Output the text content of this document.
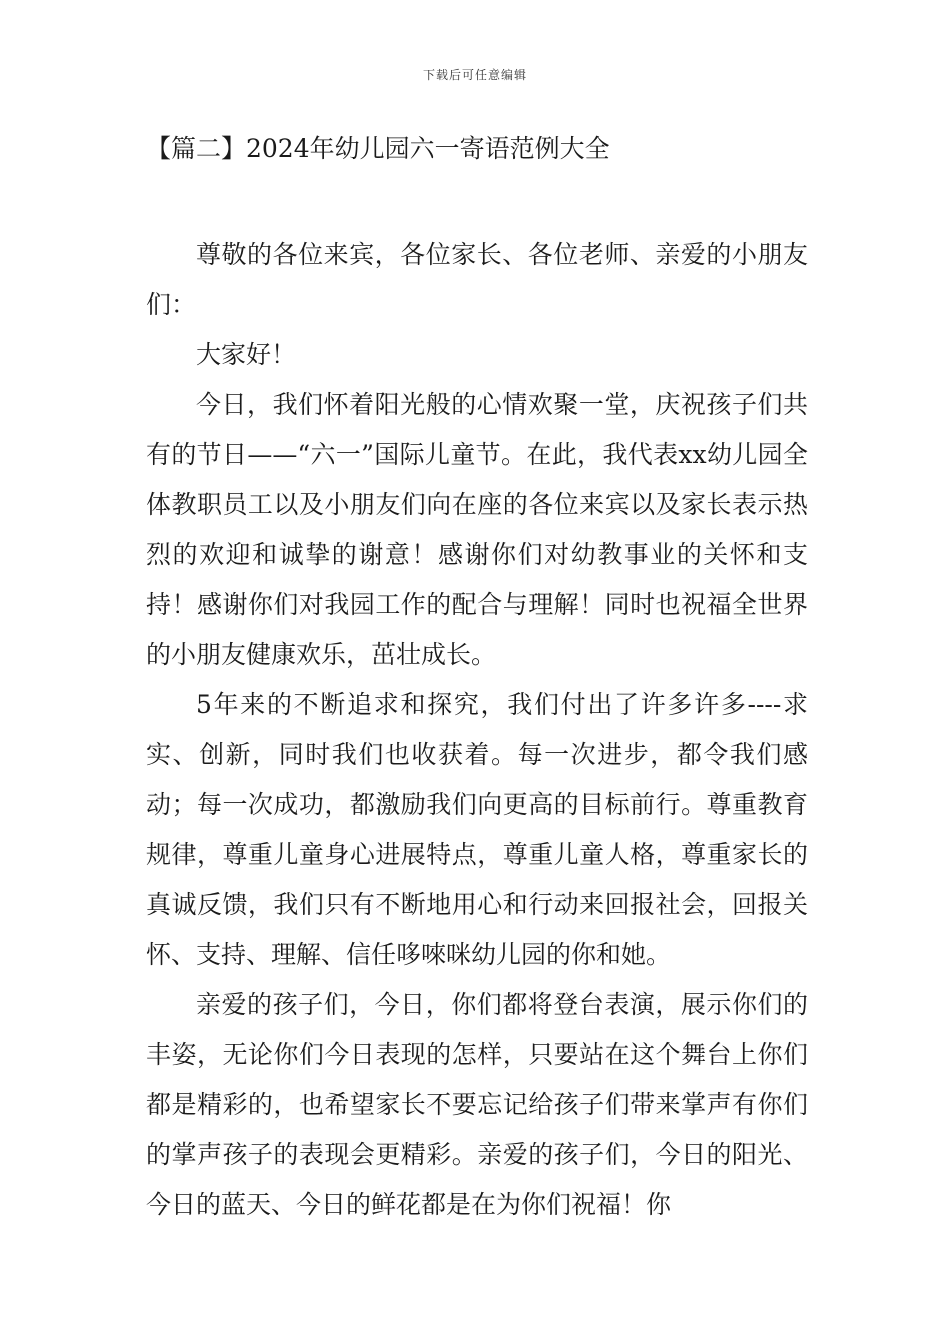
下载后可任意编辑
【篇二】2024年幼儿园六一寄语范例大全

尊敬的各位来宾，各位家长、各位老师、亲爱的小朋友们：

大家好！

今日，我们怀着阳光般的心情欢聚一堂，庆祝孩子们共有的节日——“六一”国际儿童节。在此，我代表xx幼儿园全体教职员工以及小朋友们向在座的各位来宾以及家长表示热烈的欢迎和诚挚的谢意！感谢你们对幼教事业的关怀和支持！感谢你们对我园工作的配合与理解！同时也祝福全世界的小朋友健康欢乐，茁壮成长。

5年来的不断追求和探究，我们付出了许多许多----求实、创新，同时我们也收获着。每一次进步，都令我们感动；每一次成功，都激励我们向更高的目标前行。尊重教育规律，尊重儿童身心进展特点，尊重儿童人格，尊重家长的真诚反馈，我们只有不断地用心和行动来回报社会，回报关怀、支持、理解、信任哆唻咪幼儿园的你和她。

亲爱的孩子们，今日，你们都将登台表演，展示你们的丰姿，无论你们今日表现的怎样，只要站在这个舞台上你们都是精彩的，也希望家长不要忘记给孩子们带来掌声有你们的掌声孩子的表现会更精彩。亲爱的孩子们，今日的阳光、今日的蓝天、今日的鲜花都是在为你们祝福！你
